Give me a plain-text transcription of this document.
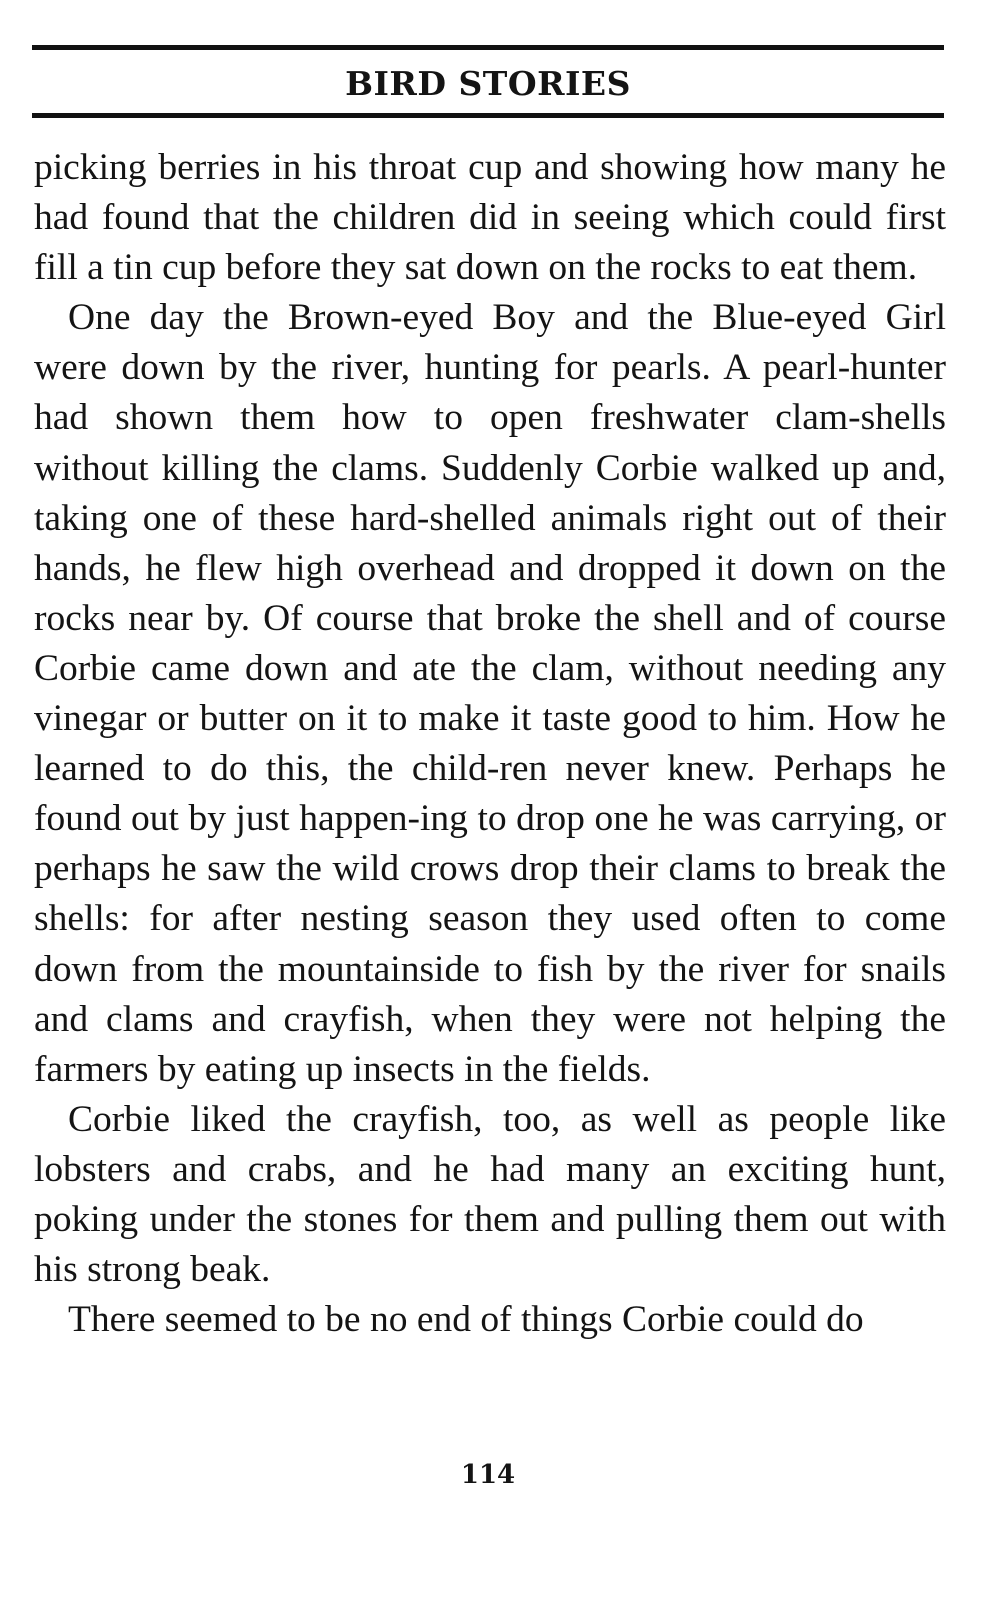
BIRD STORIES

picking berries in his throat cup and showing how many he had found that the children did in seeing which could first fill a tin cup before they sat down on the rocks to eat them.

One day the Brown-eyed Boy and the Blue-eyed Girl were down by the river, hunting for pearls. A pearl-hunter had shown them how to open freshwater clam-shells without killing the clams. Suddenly Corbie walked up and, taking one of these hard-shelled animals right out of their hands, he flew high overhead and dropped it down on the rocks near by. Of course that broke the shell and of course Corbie came down and ate the clam, without needing any vinegar or butter on it to make it taste good to him. How he learned to do this, the child-ren never knew. Perhaps he found out by just happen-ing to drop one he was carrying, or perhaps he saw the wild crows drop their clams to break the shells: for after nesting season they used often to come down from the mountainside to fish by the river for snails and clams and crayfish, when they were not helping the farmers by eating up insects in the fields.

Corbie liked the crayfish, too, as well as people like lobsters and crabs, and he had many an exciting hunt, poking under the stones for them and pulling them out with his strong beak.

There seemed to be no end of things Corbie could do

114
